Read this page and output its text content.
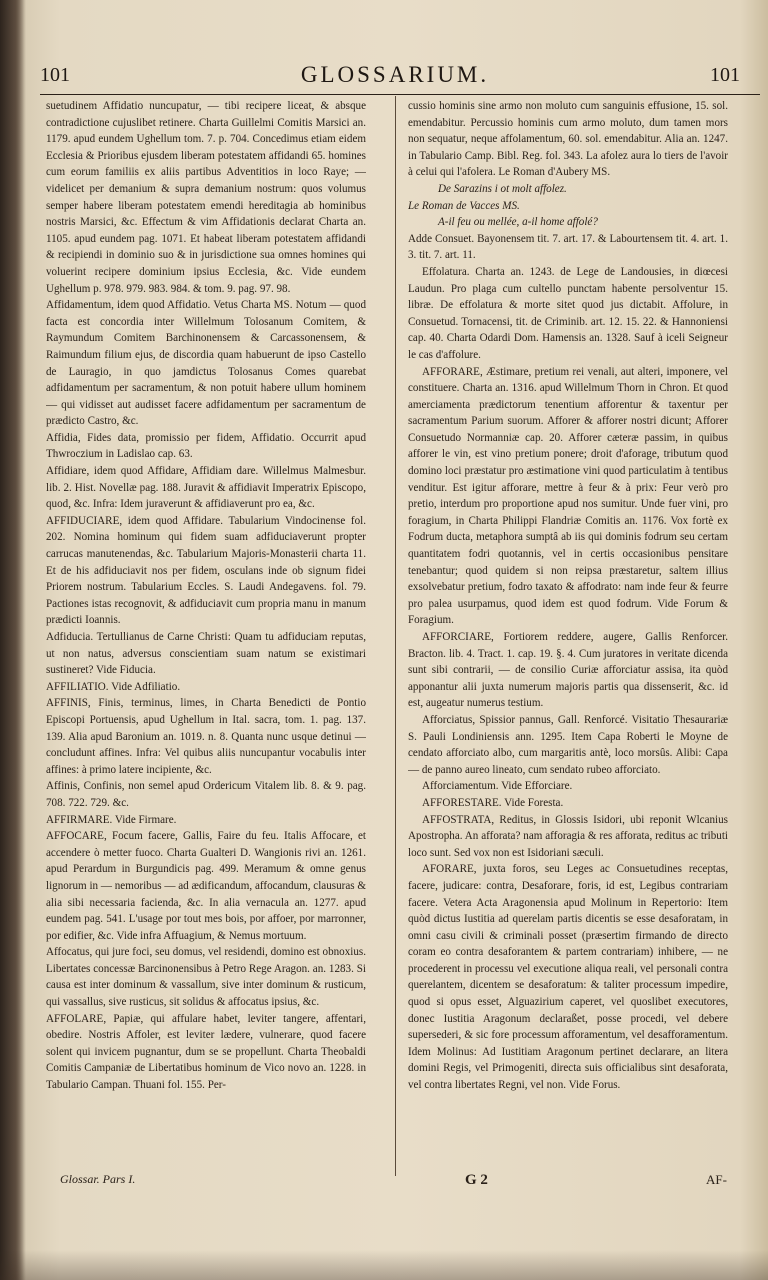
101	GLOSSARIUM.	101

suetudinem Affidatio nuncupatur, — tibi recipere liceat, & absque contradictione cujuslibet retinere. Charta Guillelmi Comitis Marsici an. 1179. apud eundem Ughellum tom. 7. p. 704. Concedimus etiam eidem Ecclesia & Prioribus ejusdem liberam potestatem affidandi 65. homines cum eorum familiis ex aliis partibus Adventitios in loco Raye; — videlicet per demanium & supra demanium nostrum: quos volumus semper habere liberam potestatem emendi hereditagia ab hominibus nostris Marsici, &c. Effectum & vim Affidationis declarat Charta an. 1105. apud eundem pag. 1071. Et habeat liberam potestatem affidandi & recipiendi in dominio suo & in jurisdictione sua omnes homines qui voluerint recipere dominium ipsius Ecclesia, &c. Vide eundem Ughellum p. 978. 979. 983. 984. & tom. 9. pag. 97. 98.

Affidamentum, idem quod Affidatio. Vetus Charta MS. Notum — quod facta est concordia inter Willelmum Tolosanum Comitem, & Raymundum Comitem Barchinonensem & Carcassonensem, & Raimundum filium ejus, de discordia quam habuerunt de ipso Castello de Lauragio, in quo jamdictus Tolosanus Comes quarebat adfidamentum per sacramentum, & non potuit habere ullum hominem — qui vidisset aut audisset facere adfidamentum per sacramentum de prædicto Castro, &c.

Affidia, Fides data, promissio per fidem, Affidatio. Occurrit apud Thwroczium in Ladislao cap. 63.

Affidiare, idem quod Affidare, Affidiam dare. Willelmus Malmesbur. lib. 2. Hist. Novellæ pag. 188. Juravit & affidiavit Imperatrix Episcopo, quod, &c. Infra: Idem juraverunt & affidiaverunt pro ea, &c.

AFFIDUCIARE, idem quod Affidare. Tabularium Vindocinense fol. 202. Nomina hominum qui fidem suam adfiduciaverunt propter carrucas manutenendas, &c. Tabularium Majoris-Monasterii charta 11. Et de his adfiduciavit nos per fidem, osculans inde ob signum fidei Priorem nostrum. Tabularium Eccles. S. Laudi Andegavens. fol. 79. Pactiones istas recognovit, & adfiduciavit cum propria manu in manum prædicti Ioannis.

Adfiducia. Tertullianus de Carne Christi: Quam tu adfiduciam reputas, ut non natus, adversus conscientiam suam natum se existimari sustineret? Vide Fiducia.

AFFILIATIO. Vide Adfiliatio.

AFFINIS, Finis, terminus, limes, in Charta Benedicti de Pontio Episcopi Portuensis, apud Ughellum in Ital. sacra, tom. 1. pag. 137. 139. Alia apud Baronium an. 1019. n. 8. Quanta nunc usque detinui — concludunt affines. Infra: Vel quibus aliis nuncupantur vocabulis inter affines: à primo latere incipiente, &c.

Affinis, Confinis, non semel apud Ordericum Vitalem lib. 8. & 9. pag. 708. 722. 729. &c.

AFFIRMARE. Vide Firmare.

AFFOCARE, Focum facere, Gallis, Faire du feu. Italis Affocare, et accendere ò metter fuoco. Charta Gualteri D. Wangionis rivi an. 1261. apud Perardum in Burgundicis pag. 499. Meramum & omne genus lignorum in — nemoribus — ad ædificandum, affocandum, clausuras & alia sibi necessaria facienda, &c. In alia vernacula an. 1277. apud eundem pag. 541. L'usage por tout mes bois, por affoer, por marronner, por edifier, &c. Vide infra Affuagium, & Nemus mortuum.

Affocatus, qui jure foci, seu domus, vel residendi, domino est obnoxius. Libertates concessæ Barcinonensibus à Petro Rege Aragon. an. 1283. Si causa est inter dominum & vassallum, sive inter dominum & rusticum, qui vassallus, sive rusticus, sit solidus & affocatus ipsius, &c.

AFFOLARE, Papiæ, qui affulare habet, leviter tangere, affentari, obedire. Nostris Affoler, est leviter lædere, vulnerare, quod facere solent qui invicem pugnantur, dum se se propellunt. Charta Theobaldi Comitis Campaniæ de Libertatibus hominum de Vico novo an. 1228. in Tabulario Campan. Thuani fol. 155. Per-

cussio hominis sine armo non moluto cum sanguinis effusione, 15. sol. emendabitur. Percussio hominis cum armo moluto, dum tamen mors non sequatur, neque affolamentum, 60. sol. emendabitur. Alia an. 1247. in Tabulario Camp. Bibl. Reg. fol. 343. La afolez aura lo tiers de l'avoir à celui qui l'afolera. Le Roman d'Aubery MS.

De Sarazins i ot molt affolez.

Le Roman de Vacces MS.

A-il feu ou mellée, a-il home affolé?

Adde Consuet. Bayonensem tit. 7. art. 17. & Labourtensem tit. 4. art. 1. 3. tit. 7. art. 11.

Effolatura. Charta an. 1243. de Lege de Landousies, in diœcesi Laudun. Pro plaga cum cultello punctam habente persolventur 15. libræ. De effolatura & morte sitet quod jus dictabit. Affolure, in Consuetud. Tornacensi, tit. de Criminib. art. 12. 15. 22. & Hannoniensi cap. 40. Charta Odardi Dom. Hamensis an. 1328. Sauf à iceli Seigneur le cas d'affolure.

AFFORARE, Æstimare, pretium rei venali, aut alteri, imponere, vel constituere. Charta an. 1316. apud Willelmum Thorn in Chron. Et quod amerciamenta prædictorum tenentium afforentur & taxentur per sacramentum Parium suorum. Afforer & afforer nostri dicunt; Afforer Consuetudo Normanniæ cap. 20. Afforer cæteræ passim, in quibus afforer le vin, est vino pretium ponere; droit d'aforage, tributum quod domino loci præstatur pro æstimatione vini quod particulatim à tentibus venditur. Est igitur afforare, mettre à feur & à prix: Feur verò pro pretio, interdum pro proportione apud nos sumitur. Unde fuer vini, pro foragium, in Charta Philippi Flandriæ Comitis an. 1176. Vox fortè ex Fodrum ducta, metaphora sumptâ ab iis qui dominis fodrum seu certam quantitatem fodri quotannis, vel in certis occasionibus pensitare tenebantur; quod quidem si non reipsa præstaretur, saltem illius exsolvebatur pretium, fodro taxato & affodrato: nam inde feur & feurre pro palea usurpamus, quod idem est quod fodrum. Vide Forum & Foragium.

AFFORCIARE, Fortiorem reddere, augere, Gallis Renforcer. Bracton. lib. 4. Tract. 1. cap. 19. §. 4. Cum juratores in veritate dicenda sunt sibi contrarii, — de consilio Curiæ afforciatur assisa, ita quòd apponantur alii juxta numerum majoris partis qua dissenserit, &c. id est, augeatur numerus testium.

Afforciatus, Spissior pannus, Gall. Renforcé. Visitatio Thesaurariæ S. Pauli Londiniensis ann. 1295. Item Capa Roberti le Moyne de cendato afforciato albo, cum margaritis antè, loco morsûs. Alibi: Capa — de panno aureo lineato, cum sendato rubeo afforciato.

Afforciamentum. Vide Efforciare.

AFFORESTARE. Vide Foresta.

AFFOSTRATA, Reditus, in Glossis Isidori, ubi reponit Wlcanius Apostropha. An afforata? nam afforagia & res afforata, reditus ac tributi loco sunt. Sed vox non est Isidoriani sæculi.

AFORARE, juxta foros, seu Leges ac Consuetudines receptas, facere, judicare: contra, Desaforare, foris, id est, Legibus contrariam facere. Vetera Acta Aragonensia apud Molinum in Repertorio: Item quòd dictus Iustitia ad querelam partis dicentis se esse desaforatam, in omni casu civili & criminali posset (præsertim firmando de directo coram eo contra desaforantem & partem contrariam) inhibere, — ne procederent in processu vel executione aliqua reali, vel personali contra querelantem, dicentem se desaforatum: & taliter processum impedire, quod si opus esset, Alguazirium caperet, vel quoslibet executores, donec Iustitia Aragonum declaraßet, posse procedi, vel debere supersederi, & sic fore processum afforamentum, vel desafforamentum. Idem Molinus: Ad Iustitiam Aragonum pertinet declarare, an litera domini Regis, vel Primogeniti, directa suis officialibus sint desaforata, vel contra libertates Regni, vel non. Vide Forus.

Glossar. Pars I.	G 2	AF-
